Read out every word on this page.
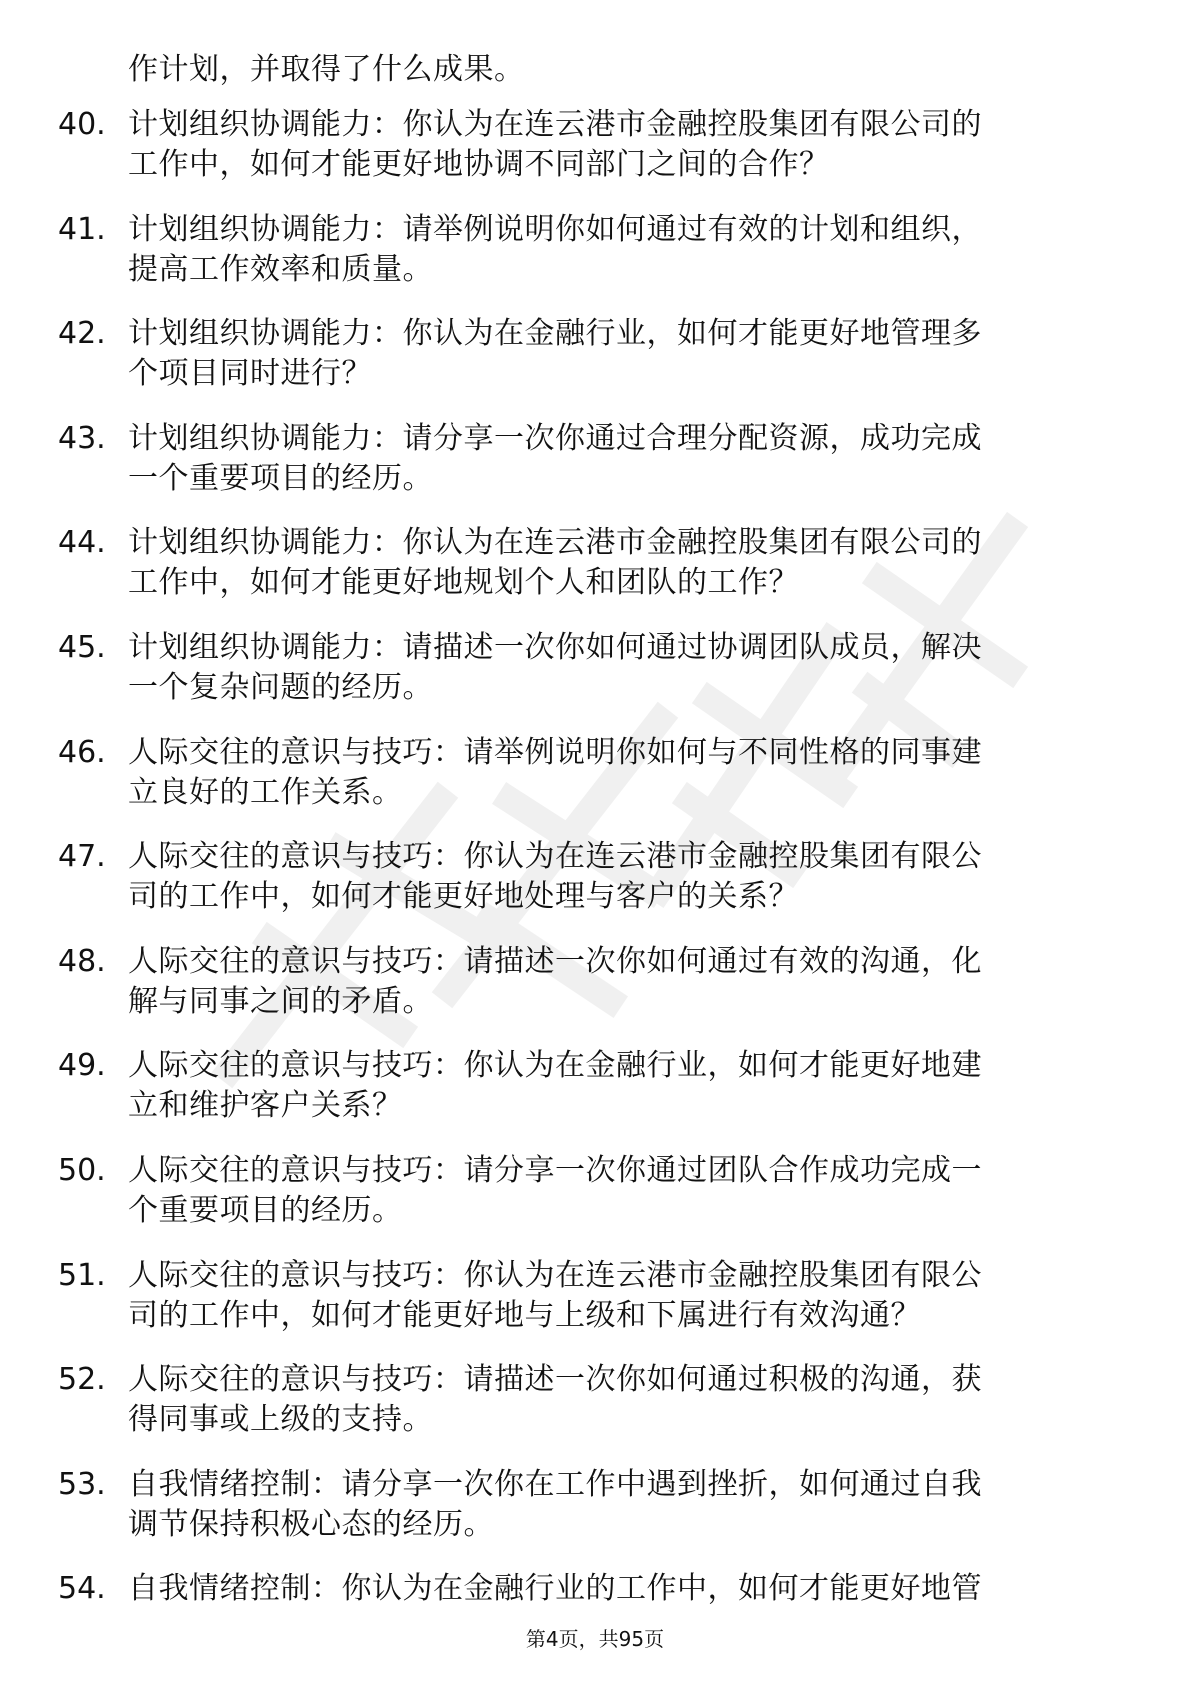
作计划，并取得了什么成果。
40. 计划组织协调能力：你认为在连云港市金融控股集团有限公司的
工作中，如何才能更好地协调不同部门之间的合作？
41. 计划组织协调能力：请举例说明你如何通过有效的计划和组织，
提高工作效率和质量。
42. 计划组织协调能力：你认为在金融行业，如何才能更好地管理多
个项目同时进行？
43. 计划组织协调能力：请分享一次你通过合理分配资源，成功完成
一个重要项目的经历。
44. 计划组织协调能力：你认为在连云港市金融控股集团有限公司的
工作中，如何才能更好地规划个人和团队的工作？
45. 计划组织协调能力：请描述一次你如何通过协调团队成员，解决
一个复杂问题的经历。
46. 人际交往的意识与技巧：请举例说明你如何与不同性格的同事建
立良好的工作关系。
47. 人际交往的意识与技巧：你认为在连云港市金融控股集团有限公
司的工作中，如何才能更好地处理与客户的关系？
48. 人际交往的意识与技巧：请描述一次你如何通过有效的沟通，化
解与同事之间的矛盾。
49. 人际交往的意识与技巧：你认为在金融行业，如何才能更好地建
立和维护客户关系？
50. 人际交往的意识与技巧：请分享一次你通过团队合作成功完成一
个重要项目的经历。
51. 人际交往的意识与技巧：你认为在连云港市金融控股集团有限公
司的工作中，如何才能更好地与上级和下属进行有效沟通？
52. 人际交往的意识与技巧：请描述一次你如何通过积极的沟通，获
得同事或上级的支持。
53. 自我情绪控制：请分享一次你在工作中遇到挫折，如何通过自我
调节保持积极心态的经历。
54. 自我情绪控制：你认为在金融行业的工作中，如何才能更好地管
第4页，共95页
